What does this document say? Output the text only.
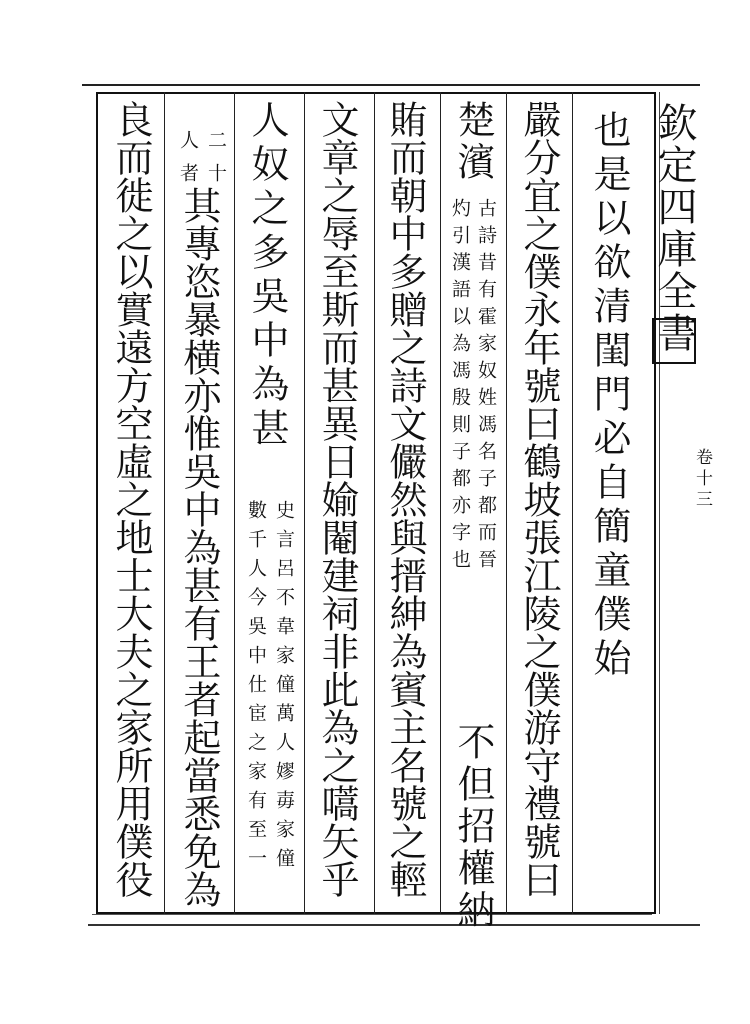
欽定四庫全書
卷十三
也是以欲清閨門必自簡童僕始
嚴分宜之僕永年號曰鶴坡張江陵之僕游守禮號曰
楚濱
古詩昔有霍家奴姓馮名子都而晉
灼引漢語以為馮殷則子都亦字也
不但招權納
賄而朝中多贈之詩文儼然與搢紳為賓主名號之輕
文章之辱至斯而甚異日媮閹建祠非此為之嚆矢乎
人奴之多吳中為甚
史言呂不韋家僮萬人嫪毐家僮
數千人今吳中仕宦之家有至一
二十
人者
其專恣暴横亦惟吳中為甚有王者起當悉免為
良而徙之以實遠方空虛之地士大夫之家所用僕役
